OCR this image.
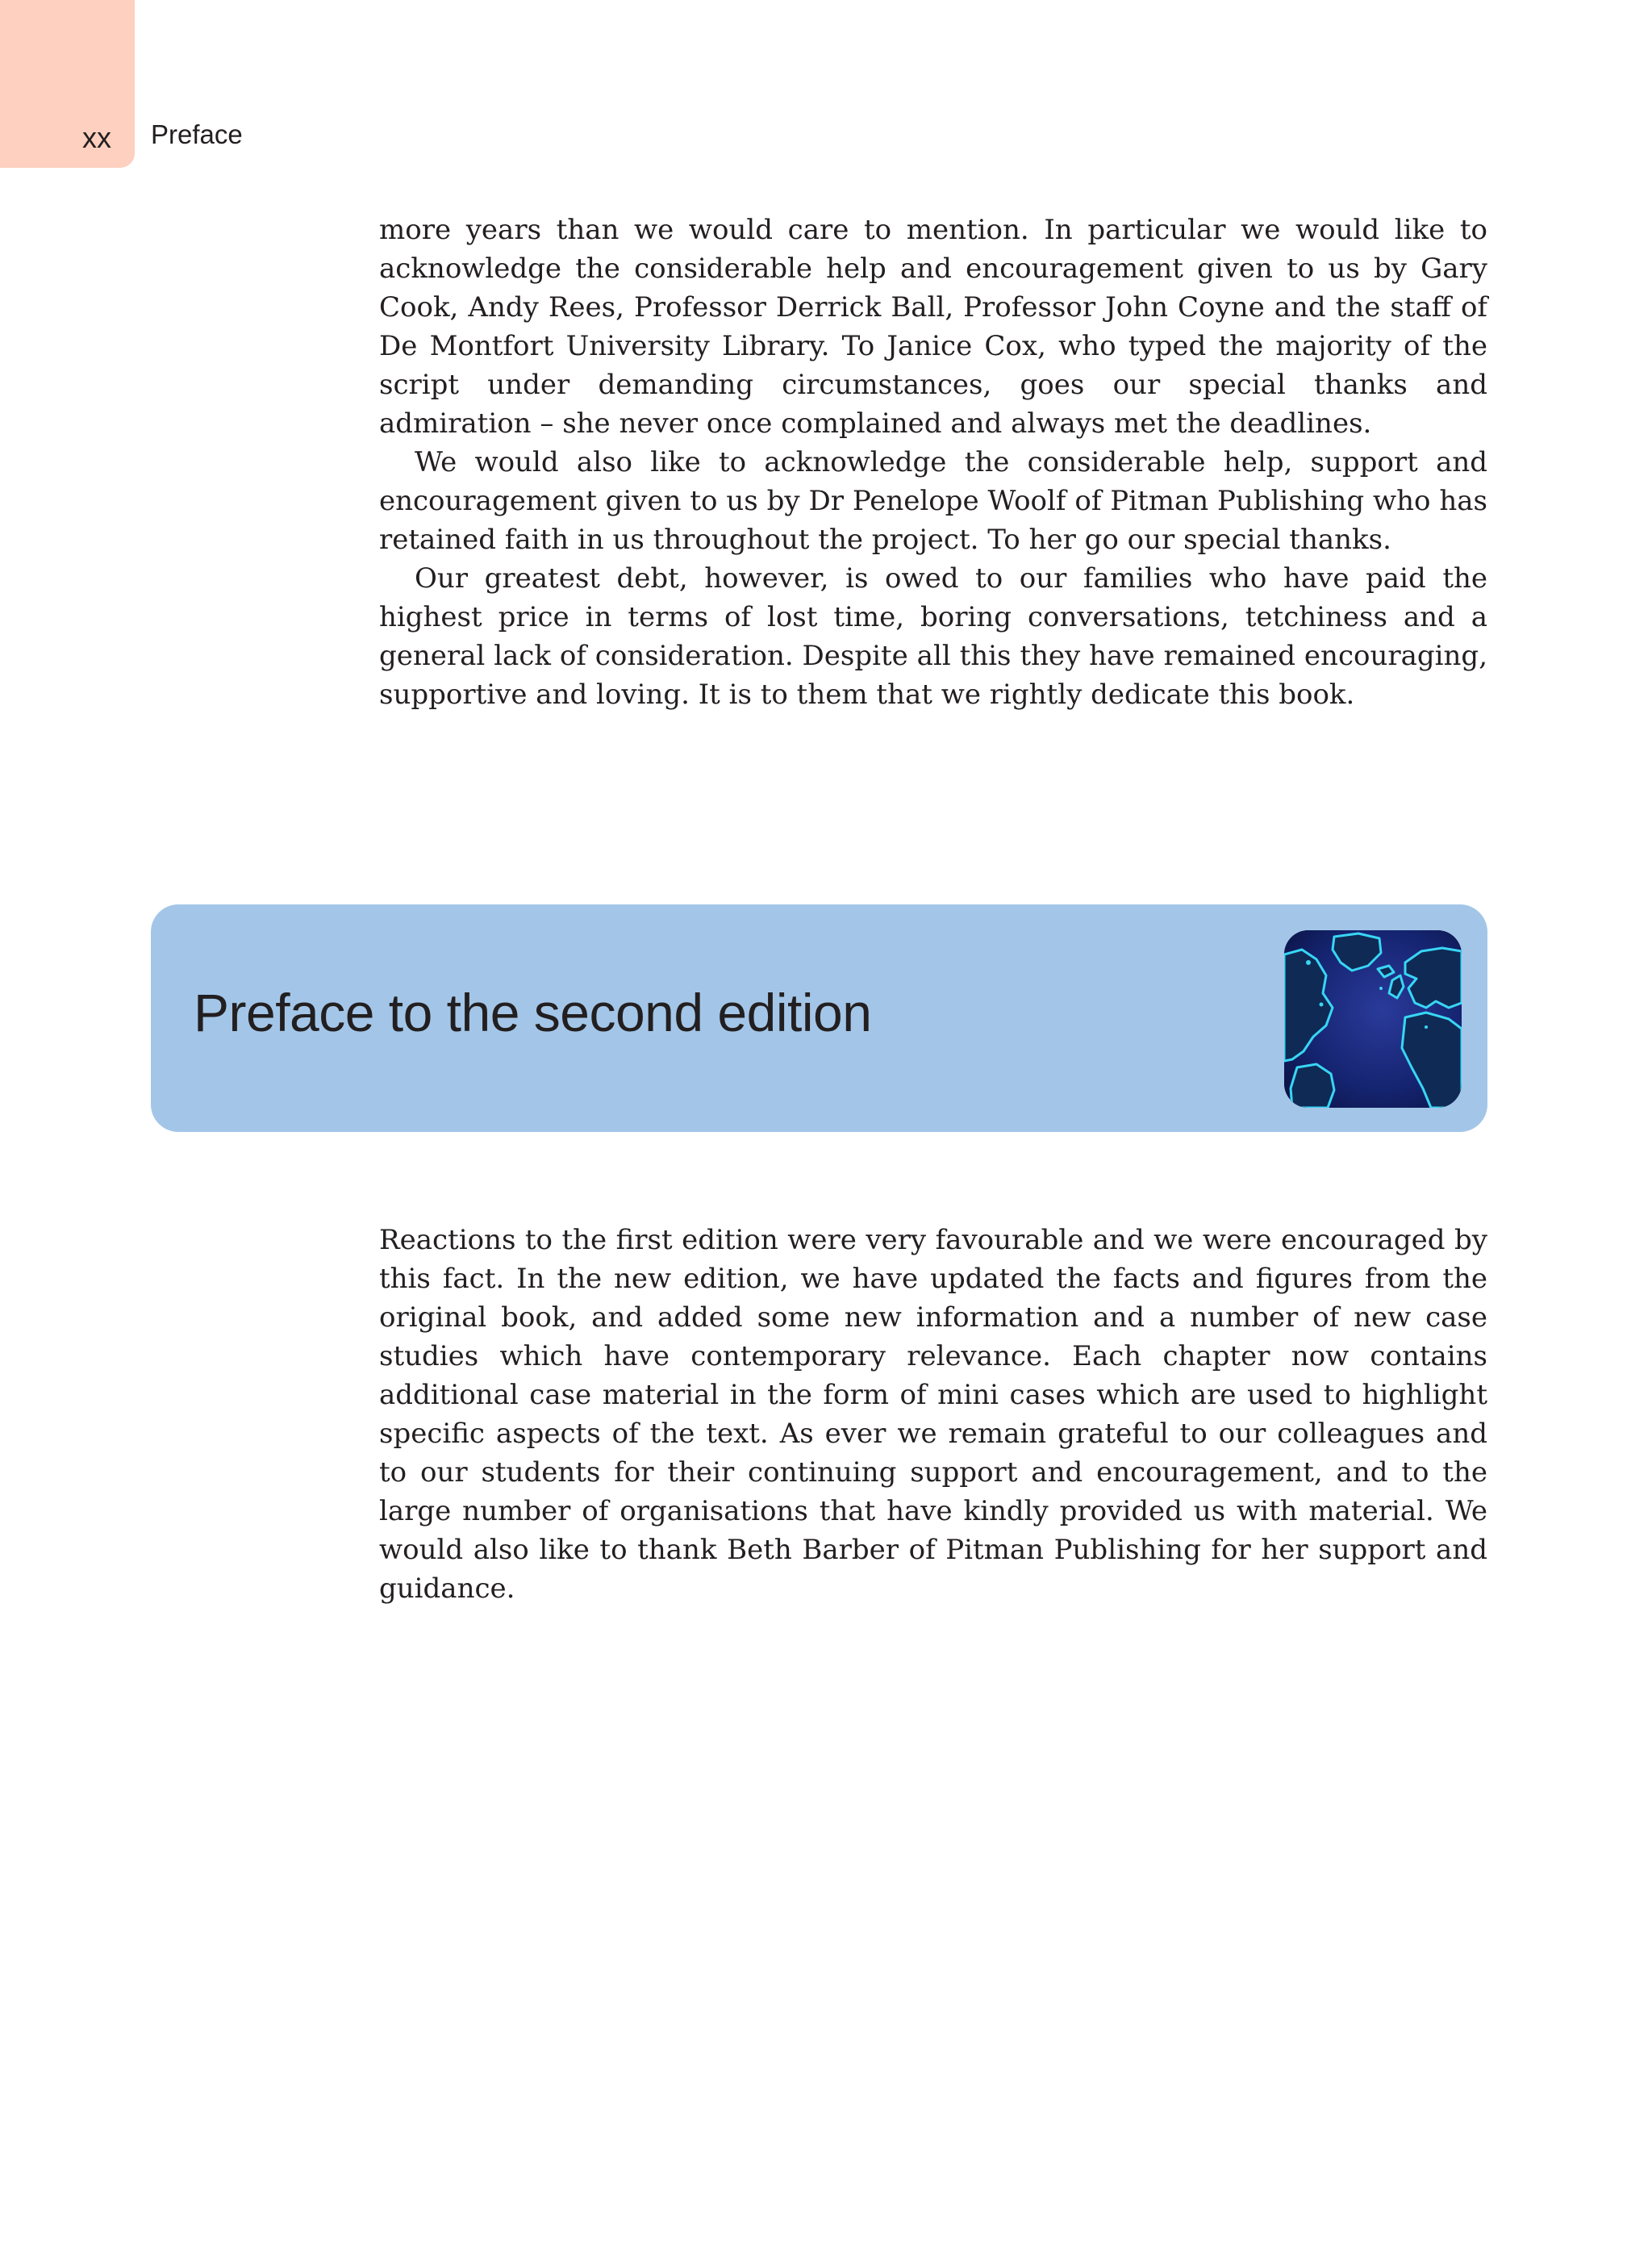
xx Preface

more years than we would care to mention. In particular we would like to acknowledge the considerable help and encouragement given to us by Gary Cook, Andy Rees, Professor Derrick Ball, Professor John Coyne and the staff of De Montfort University Library. To Janice Cox, who typed the majority of the script under demanding circumstances, goes our special thanks and admiration – she never once complained and always met the deadlines.

We would also like to acknowledge the considerable help, support and encouragement given to us by Dr Penelope Woolf of Pitman Publishing who has retained faith in us throughout the project. To her go our special thanks.

Our greatest debt, however, is owed to our families who have paid the highest price in terms of lost time, boring conversations, tetchiness and a general lack of consideration. Despite all this they have remained encouraging, supportive and loving. It is to them that we rightly dedicate this book.

Preface to the second edition

Reactions to the first edition were very favourable and we were encouraged by this fact. In the new edition, we have updated the facts and figures from the original book, and added some new information and a number of new case studies which have contemporary relevance. Each chapter now contains additional case material in the form of mini cases which are used to highlight specific aspects of the text. As ever we remain grateful to our colleagues and to our students for their continuing support and encouragement, and to the large number of organisations that have kindly provided us with material. We would also like to thank Beth Barber of Pitman Publishing for her support and guidance.
